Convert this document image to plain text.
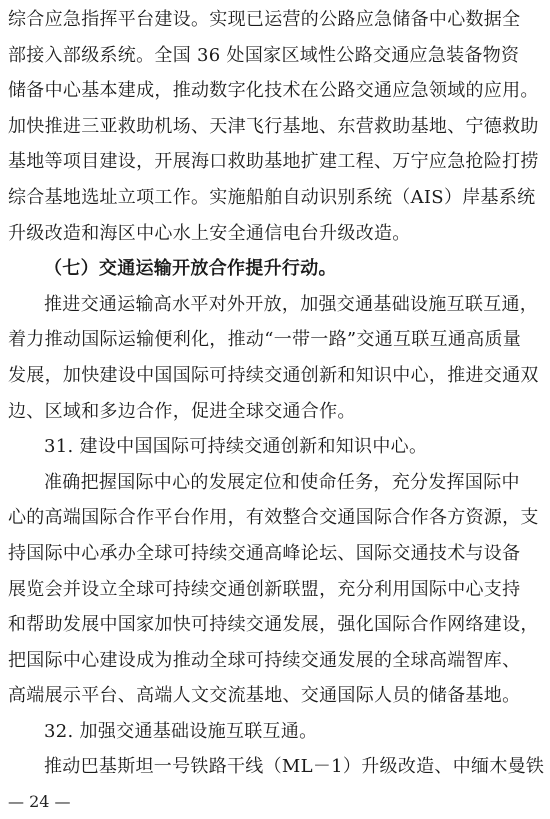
综合应急指挥平台建设。实现已运营的公路应急储备中心数据全
部接入部级系统。全国 36 处国家区域性公路交通应急装备物资
储备中心基本建成，推动数字化技术在公路交通应急领域的应用。
加快推进三亚救助机场、天津飞行基地、东营救助基地、宁德救助
基地等项目建设，开展海口救助基地扩建工程、万宁应急抢险打捞
综合基地选址立项工作。实施船舶自动识别系统（AIS）岸基系统
升级改造和海区中心水上安全通信电台升级改造。
（七）交通运输开放合作提升行动。
推进交通运输高水平对外开放，加强交通基础设施互联互通，
着力推动国际运输便利化，推动“一带一路”交通互联互通高质量
发展，加快建设中国国际可持续交通创新和知识中心，推进交通双
边、区域和多边合作，促进全球交通合作。
31. 建设中国国际可持续交通创新和知识中心。
准确把握国际中心的发展定位和使命任务，充分发挥国际中
心的高端国际合作平台作用，有效整合交通国际合作各方资源，支
持国际中心承办全球可持续交通高峰论坛、国际交通技术与设备
展览会并设立全球可持续交通创新联盟，充分利用国际中心支持
和帮助发展中国家加快可持续交通发展，强化国际合作网络建设，
把国际中心建设成为推动全球可持续交通发展的全球高端智库、
高端展示平台、高端人文交流基地、交通国际人员的储备基地。
32. 加强交通基础设施互联互通。
推动巴基斯坦一号铁路干线（ML－1）升级改造、中缅木曼铁
— 24 —
